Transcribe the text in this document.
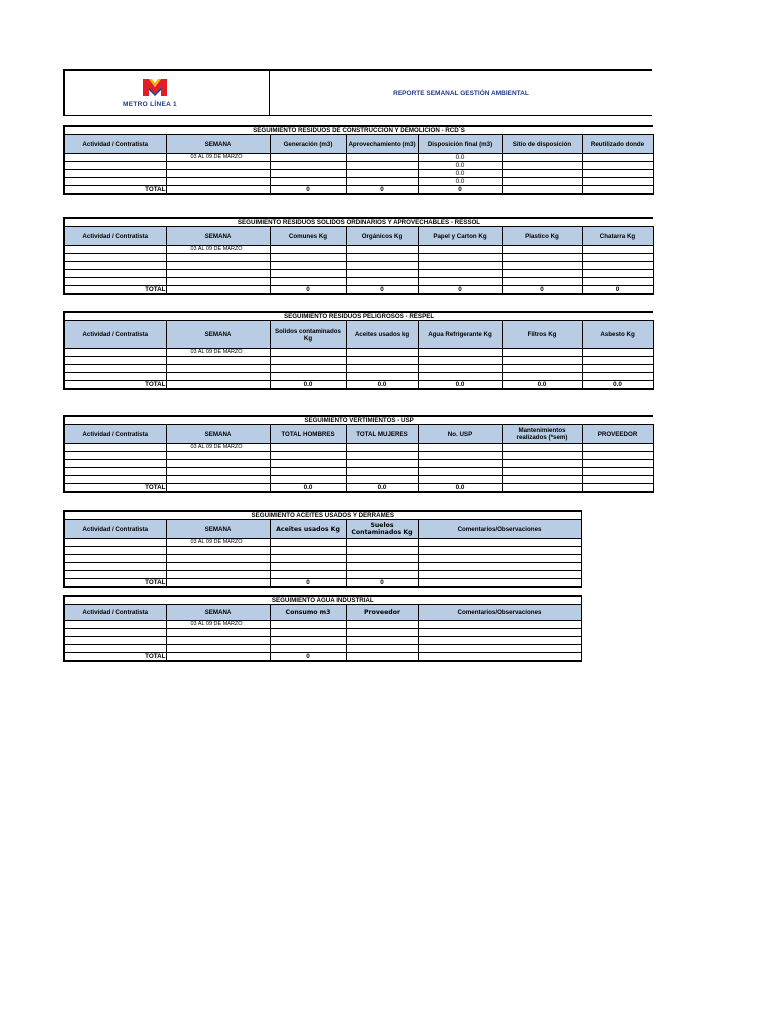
METRO LÍNEA 1
REPORTE SEMANAL GESTIÓN AMBIENTAL
SEGUIMIENTO RESIDUOS DE CONSTRUCCIÓN Y DEMOLICIÓN - RCD´S						
Actividad / Contratista	SEMANA	Generación (m3)	Aprovechamiento (m3)	Disposición final (m3)	Sitio de disposición	Reutilizado donde
	03 AL 09 DE MARZO			0.0		
				0.0		
				0.0		
				0.0		
TOTAL		0	0	0		
SEGUIMIENTO RESIDUOS SOLIDOS ORDINARIOS Y APROVECHABLES - RESSOL						
Actividad / Contratista	SEMANA	Comunes Kg	Orgánicos Kg	Papel y Carton Kg	Plastico Kg	Chatarra Kg
	03 AL 09 DE MARZO					

TOTAL		0	0	0	0	0
SEGUIMIENTO RESIDUOS PELIGROSOS - RESPEL						
Actividad / Contratista	SEMANA	Solidos contaminados Kg	Aceites usados kg	Agua Refrigerante Kg	Filtros Kg	Asbesto Kg
	03 AL 09 DE MARZO					

TOTAL		0.0	0.0	0.0	0.0	0.0
SEGUIMIENTO VERTIMIENTOS - USP						
Actividad / Contratista	SEMANA	TOTAL HOMBRES	TOTAL MUJERES	No. USP	Mantenimientos realizados (*sem)	PROVEEDOR
	03 AL 09 DE MARZO					

TOTAL		0.0	0.0	0.0		
SEGUIMIENTO ACEITES USADOS Y DERRAMES				
Actividad / Contratista	SEMANA	Aceites usados Kg	Suelos Contaminados Kg	Comentarios/Observaciones
	03 AL 09 DE MARZO			

TOTAL		0	0	
SEGUIMIENTO AGUA INDUSTRIAL				
Actividad / Contratista	SEMANA	Consumo m3	Proveedor	Comentarios/Observaciones
	03 AL 09 DE MARZO			

TOTAL		0		
